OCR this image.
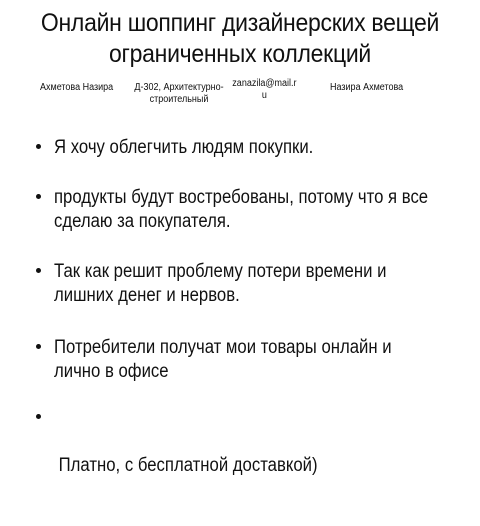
Онлайн шоппинг дизайнерских вещей
ограниченных коллекций
Ахметова Назира Д-302, Архитектурно-
строительный
zanazila@mail.r
u
Назира Ахметова
Я хочу облегчить людям покупки.
продукты будут востребованы, потому что я все
сделаю за покупателя.
Так как решит проблему потери времени и
лишних денег и нервов.
Потребители получат мои товары онлайн и
лично в офисе

Платно, с бесплатной доставкой)
